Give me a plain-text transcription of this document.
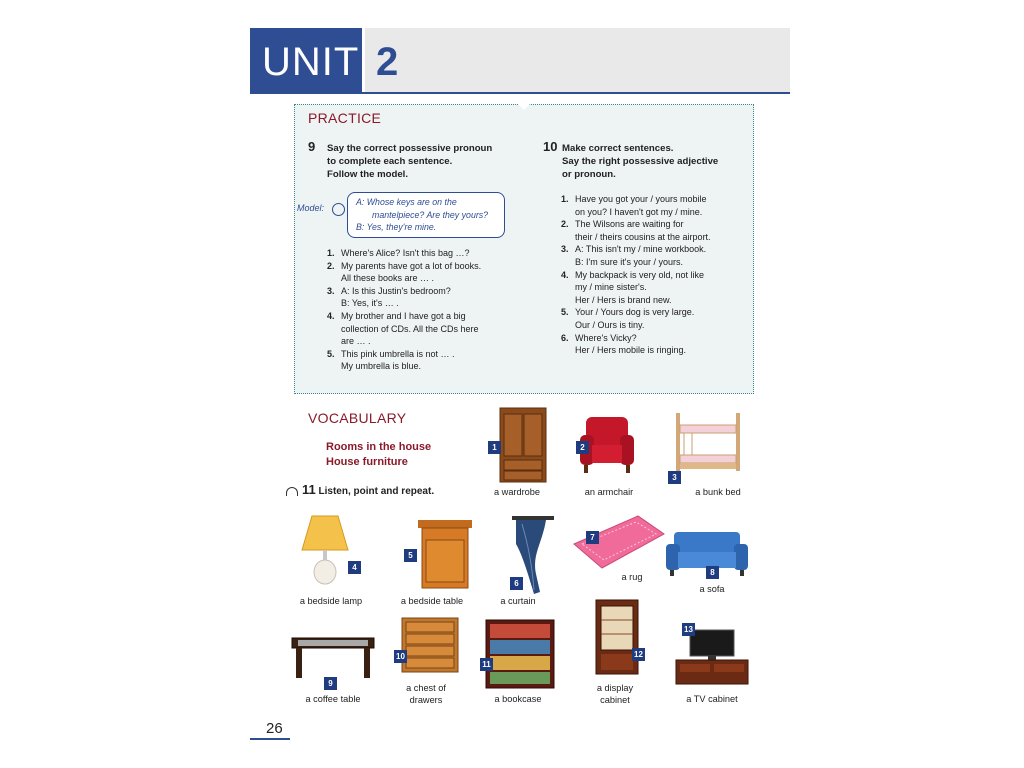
UNIT 2
PRACTICE
9 Say the correct possessive pronoun
to complete each sentence.
Follow the model.
Model:
A: Whose keys are on the
mantelpiece? Are they yours?
B: Yes, they're mine.
1. Where's Alice? Isn't this bag …?
2. My parents have got a lot of books.
All these books are … .
3. A: Is this Justin's bedroom?
B: Yes, it's … .
4. My brother and I have got a big
collection of CDs. All the CDs here
are … .
5. This pink umbrella is not … .
My umbrella is blue.
10 Make correct sentences.
Say the right possessive adjective
or pronoun.
1. Have you got your / yours mobile
on you? I haven't got my / mine.
2. The Wilsons are waiting for
their / theirs cousins at the airport.
3. A: This isn't my / mine workbook.
B: I'm sure it's your / yours.
4. My backpack is very old, not like
my / mine sister's.
Her / Hers is brand new.
5. Your / Yours dog is very large.
Our / Ours is tiny.
6. Where's Vicky?
Her / Hers mobile is ringing.
VOCABULARY
Rooms in the house
House furniture
11 Listen, point and repeat.
1
a wardrobe
2
an armchair
3
a bunk bed
4
a bedside lamp
5
a bedside table
6
a curtain
7
a rug	8
a sofa
9
a coffee table
10
a chest of
drawers
11
a bookcase
12
a display
cabinet
13
a TV cabinet
26
